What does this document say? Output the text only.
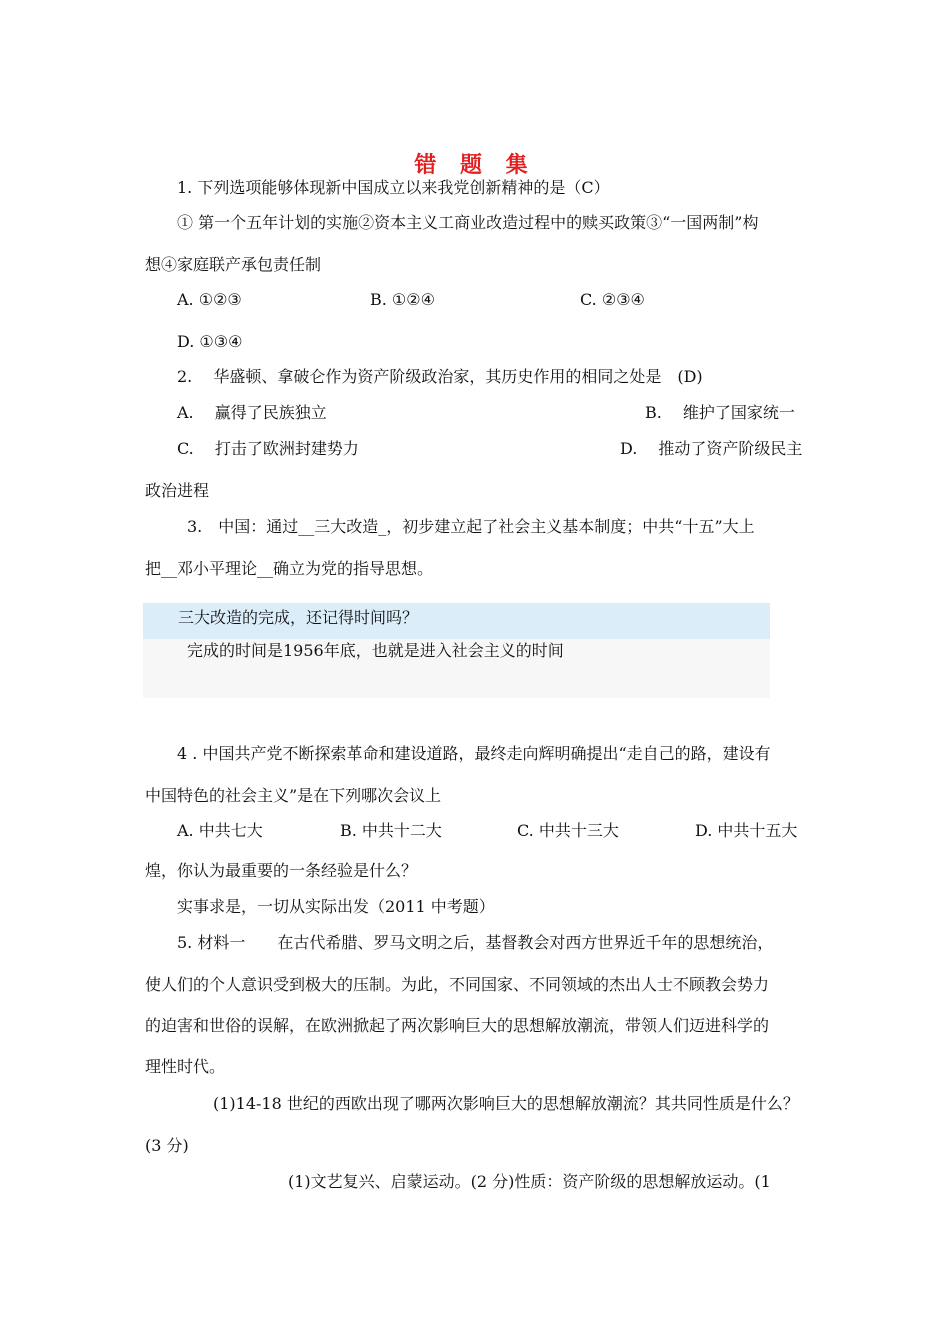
错 题 集
1. 下列选项能够体现新中国成立以来我党创新精神的是（C）
① 第一个五年计划的实施②资本主义工商业改造过程中的赎买政策③“一国两制”构
想④家庭联产承包责任制
A. ①②③	B. ①②④	C. ②③④
D. ①③④
2.　 华盛顿、拿破仑作为资产阶级政治家，其历史作用的相同之处是　(D)
A.　 赢得了民族独立	B.　 维护了国家统一
C.　 打击了欧洲封建势力	D.　 推动了资产阶级民主
政治进程
3.　中国：通过__三大改造_，初步建立起了社会主义基本制度；中共“十五”大上
把__邓小平理论__确立为党的指导思想。
三大改造的完成，还记得时间吗？
完成的时间是1956年底，也就是进入社会主义的时间
4 . 中国共产党不断探索革命和建设道路，最终走向辉明确提出“走自己的路，建设有
中国特色的社会主义”是在下列哪次会议上
A. 中共七大	B. 中共十二大	C. 中共十三大	D. 中共十五大
煌，你认为最重要的一条经验是什么？
实事求是，一切从实际出发（2011 中考题）
5. 材料一　　在古代希腊、罗马文明之后，基督教会对西方世界近千年的思想统治，
使人们的个人意识受到极大的压制。为此，不同国家、不同领域的杰出人士不顾教会势力
的迫害和世俗的误解，在欧洲掀起了两次影响巨大的思想解放潮流，带领人们迈进科学的
理性时代。
(1)14-18 世纪的西欧出现了哪两次影响巨大的思想解放潮流？其共同性质是什么？
(3 分)
(1)文艺复兴、启蒙运动。(2 分)性质：资产阶级的思想解放运动。(1
